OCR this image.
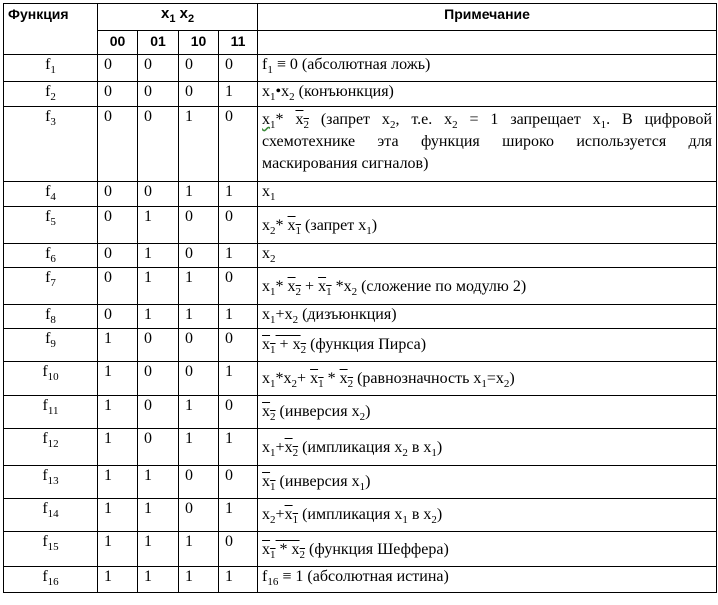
Функция	$x_1$ $x_2$				Примечание
	00	01	10	11	
$f_1$	0	0	0	0	$f_1 \equiv 0$ (абсолютная ложь)
$f_2$	0	0	0	1	$x_1•x_2$ (конъюнкция)
$f_3$	0	0	1	0	$x_1*$ $\overline{x}_2$ (запрет $x_2$, т.е. $x_2 = 1$ запрещает $x_1$. В цифровой схемотехнике эта функция широко используется для маскирования сигналов)
$f_4$	0	0	1	1	$x_1$
$f_5$	0	1	0	0	$x_2*$ $\overline{x}_1$ (запрет $x_1$)
$f_6$	0	1	0	1	$x_2$
$f_7$	0	1	1	0	$x_1*$ $\overline{x}_2 + \overline{x}_1$ $*x_2$ (сложение по модулю 2)
$f_8$	0	1	1	1	$x_1+x_2$ (дизъюнкция)
$f_9$	1	0	0	0	$x_1 + x_2$ (функция Пирса)
$f_{10}$	1	0	0	1	$x_1*x_2+ \overline{x}_1 * \overline{x}_2$ (равнозначность $x_1=x_2$)
$f_{11}$	1	0	1	0	$\overline{x}_2$ (инверсия $x_2$)
$f_{12}$	1	0	1	1	$x_1+\overline{x}_2$ (импликация $x_2$ в $x_1$)
$f_{13}$	1	1	0	0	$\overline{x}_1$ (инверсия $x_1$)
$f_{14}$	1	1	0	1	$x_2+\overline{x}_1$ (импликация $x_1$ в $x_2$)
$f_{15}$	1	1	1	0	$x_1 * x_2$ (функция Шеффера)
$f_{16}$	1	1	1	1	$f_{16} \equiv 1$ (абсолютная истина)
